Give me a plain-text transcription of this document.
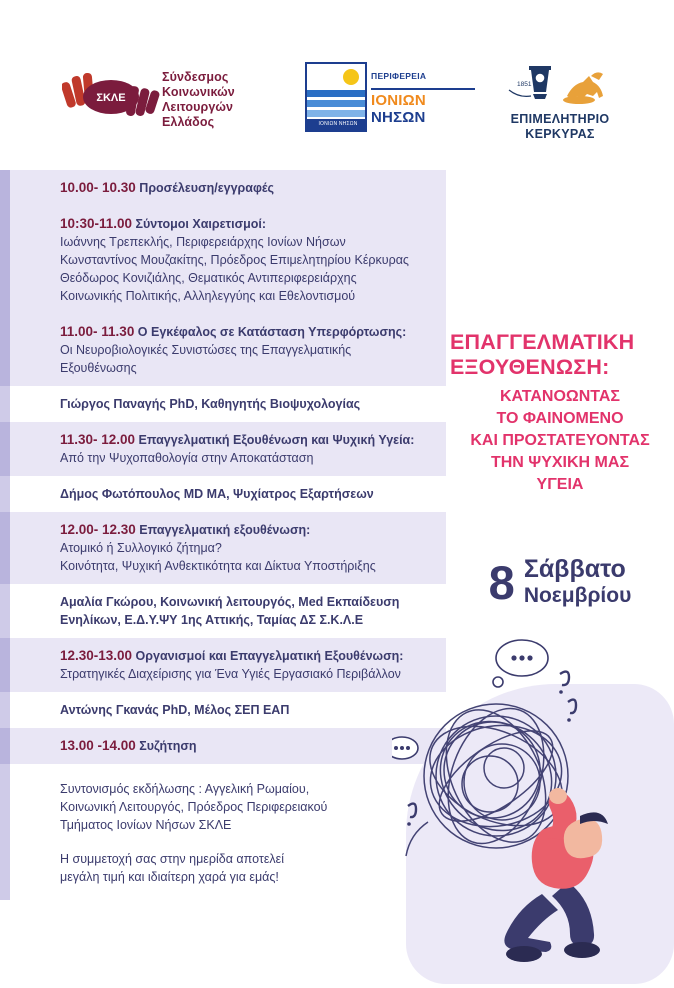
ΣΚΛΕ
Σύνδεσμος
Κοινωνικών
Λειτουργών
Ελλάδος	ΙΟΝΙΩΝ ΝΗΣΩΝ
ΠΕΡΙΦΕΡΕΙΑ
ΙΟΝΙΩΝ
ΝΗΣΩΝ
1851
ΕΠΙΜΕΛΗΤΗΡΙΟ
ΚΕΡΚΥΡΑΣ
10.00- 10.30 Προσέλευση/εγγραφές
10:30-11.00 Σύντομοι Χαιρετισμοί:
Ιωάννης Τρεπεκλής, Περιφερειάρχης Ιονίων Νήσων
Κωνσταντίνος Μουζακίτης, Πρόεδρος Επιμελητηρίου Κέρκυρας
Θεόδωρος Κονιζιάλης, Θεματικός Αντιπεριφερειάρχης
Κοινωνικής Πολιτικής, Αλληλεγγύης και Εθελοντισμού
11.00- 11.30 Ο Εγκέφαλος σε Κατάσταση Υπερφόρτωσης:
Οι Νευροβιολογικές Συνιστώσες της Επαγγελματικής
Εξουθένωσης
Γιώργος Παναγής PhD, Καθηγητής Βιοψυχολογίας
11.30- 12.00 Επαγγελματική Εξουθένωση και Ψυχική Υγεία:
Από την Ψυχοπαθολογία στην Αποκατάσταση
Δήμος Φωτόπουλος MD MA, Ψυχίατρος Εξαρτήσεων
12.00- 12.30 Επαγγελματική εξουθένωση:
Ατομικό ή Συλλογικό ζήτημα?
Κοινότητα, Ψυχική Ανθεκτικότητα και Δίκτυα Υποστήριξης
Αμαλία Γκώρου, Κοινωνική λειτουργός, Med Εκπαίδευση
Ενηλίκων, Ε.Δ.Υ.ΨΥ 1ης Αττικής, Ταμίας ΔΣ Σ.Κ.Λ.Ε
12.30-13.00 Οργανισμοί και Επαγγελματική Εξουθένωση:
Στρατηγικές Διαχείρισης για Ένα Υγιές Εργασιακό Περιβάλλον
Αντώνης Γκανάς PhD, Μέλος ΣΕΠ ΕΑΠ
13.00 -14.00 Συζήτηση
Συντονισμός εκδήλωσης : Αγγελική Ρωμαίου,
Κοινωνική Λειτουργός, Πρόεδρος Περιφερειακού
Τμήματος Ιονίων Νήσων ΣΚΛΕ
Η συμμετοχή σας στην ημερίδα αποτελεί
μεγάλη τιμή και ιδιαίτερη χαρά για εμάς!
ΕΠΑΓΓΕΛΜΑΤΙΚΗ
ΕΞΟΥΘΕΝΩΣΗ:
ΚΑΤΑΝΟΩΝΤΑΣ
ΤΟ ΦΑΙΝΟΜΕΝΟ
ΚΑΙ ΠΡΟΣΤΑΤΕΥΟΝΤΑΣ
ΤΗΝ ΨΥΧΙΚΗ ΜΑΣ
ΥΓΕΙΑ
8 Σάββατο
Νοεμβρίου
